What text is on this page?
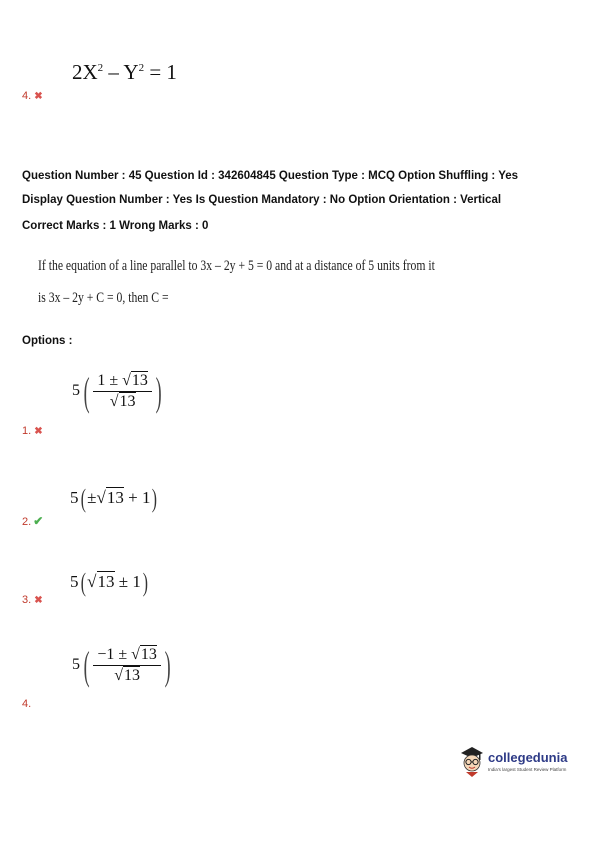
$2X^2 - Y^2 = 1$
4. ✖
Question Number : 45 Question Id : 342604845 Question Type : MCQ Option Shuffling : Yes
Display Question Number : Yes Is Question Mandatory : No Option Orientation : Vertical
Correct Marks : 1 Wrong Marks : 0
If the equation of a line parallel to 3x – 2y + 5 = 0 and at a distance of 5 units from it
is 3x – 2y + C = 0, then C =
Options :
$5( \frac{1 \pm √13}{√13}$ )
1. ✖
5( ±√13 + 1)
2. ✔
5( √13 ± 1)
3. ✖
$5( \frac{-1 \pm √13}{√13}$ )
4.
collegedunia
India's largest Student Review Platform
